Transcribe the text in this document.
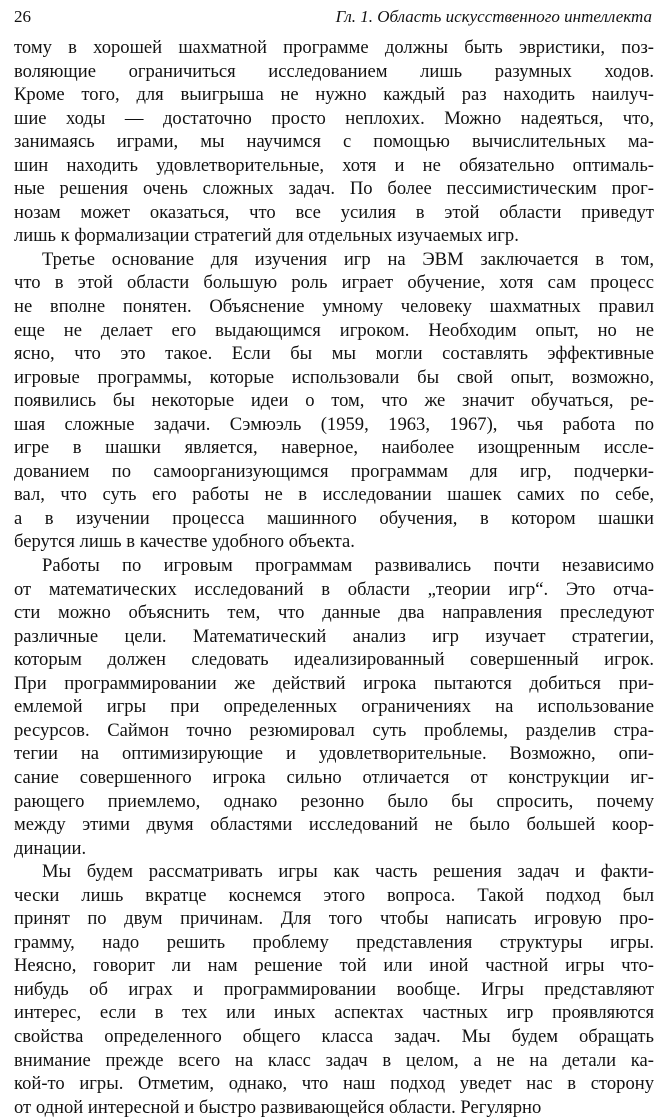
26	Гл. 1. Область искусственного интеллекта
тому в хорошей шахматной программе должны быть эвристики, поз-
воляющие ограничиться исследованием лишь разумных ходов.
Кроме того, для выигрыша не нужно каждый раз находить наилуч-
шие ходы — достаточно просто неплохих. Можно надеяться, что,
занимаясь играми, мы научимся с помощью вычислительных ма-
шин находить удовлетворительные, хотя и не обязательно оптималь-
ные решения очень сложных задач. По более пессимистическим прог-
нозам может оказаться, что все усилия в этой области приведут
лишь к формализации стратегий для отдельных изучаемых игр.
Третье основание для изучения игр на ЭВМ заключается в том,
что в этой области большую роль играет обучение, хотя сам процесс
не вполне понятен. Объяснение умному человеку шахматных правил
еще не делает его выдающимся игроком. Необходим опыт, но не
ясно, что это такое. Если бы мы могли составлять эффективные
игровые программы, которые использовали бы свой опыт, возможно,
появились бы некоторые идеи о том, что же значит обучаться, ре-
шая сложные задачи. Сэмюэль (1959, 1963, 1967), чья работа по
игре в шашки является, наверное, наиболее изощренным иссле-
дованием по самоорганизующимся программам для игр, подчерки-
вал, что суть его работы не в исследовании шашек самих по себе,
а в изучении процесса машинного обучения, в котором шашки
берутся лишь в качестве удобного объекта.
Работы по игровым программам развивались почти независимо
от математических исследований в области „теории игр“. Это отча-
сти можно объяснить тем, что данные два направления преследуют
различные цели. Математический анализ игр изучает стратегии,
которым должен следовать идеализированный совершенный игрок.
При программировании же действий игрока пытаются добиться при-
емлемой игры при определенных ограничениях на использование
ресурсов. Саймон точно резюмировал суть проблемы, разделив стра-
тегии на оптимизирующие и удовлетворительные. Возможно, опи-
сание совершенного игрока сильно отличается от конструкции иг-
рающего приемлемо, однако резонно было бы спросить, почему
между этими двумя областями исследований не было большей коор-
динации.
Мы будем рассматривать игры как часть решения задач и факти-
чески лишь вкратце коснемся этого вопроса. Такой подход был
принят по двум причинам. Для того чтобы написать игровую про-
грамму, надо решить проблему представления структуры игры.
Неясно, говорит ли нам решение той или иной частной игры что-
нибудь об играх и программировании вообще. Игры представляют
интерес, если в тех или иных аспектах частных игр проявляются
свойства определенного общего класса задач. Мы будем обращать
внимание прежде всего на класс задач в целом, а не на детали ка-
кой-то игры. Отметим, однако, что наш подход уведет нас в сторону
от одной интересной и быстро развивающейся области. Регулярно
